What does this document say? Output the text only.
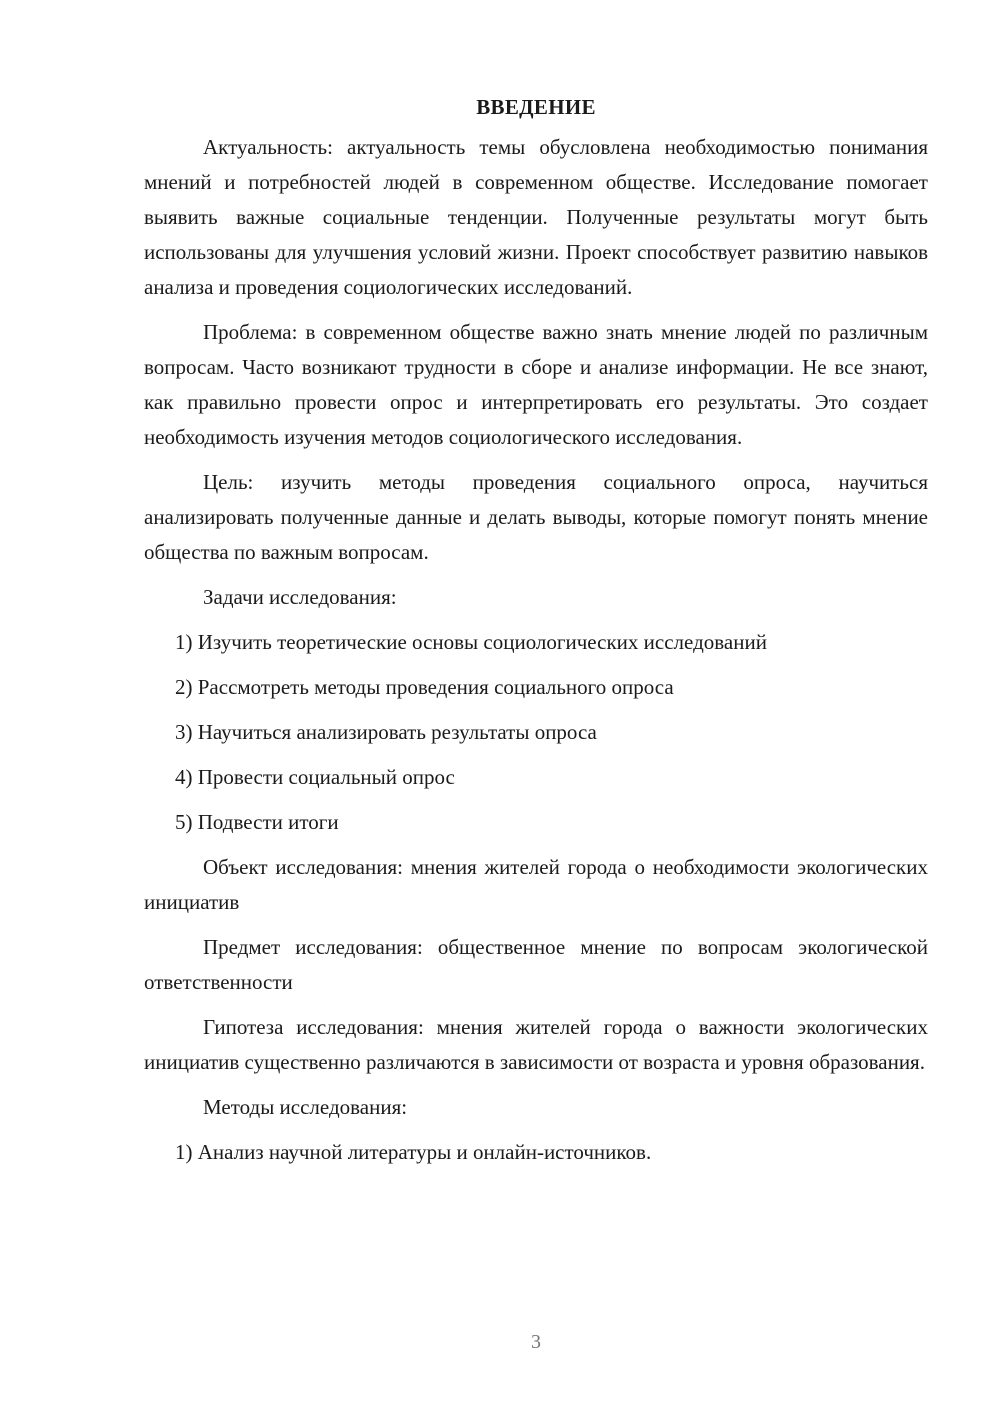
ВВЕДЕНИЕ

Актуальность: актуальность темы обусловлена необходимостью понимания мнений и потребностей людей в современном обществе. Исследование помогает выявить важные социальные тенденции. Полученные результаты могут быть использованы для улучшения условий жизни. Проект способствует развитию навыков анализа и проведения социологических исследований.

Проблема: в современном обществе важно знать мнение людей по различным вопросам. Часто возникают трудности в сборе и анализе информации. Не все знают, как правильно провести опрос и интерпретировать его результаты. Это создает необходимость изучения методов социологического исследования.

Цель: изучить методы проведения социального опроса, научиться анализировать полученные данные и делать выводы, которые помогут понять мнение общества по важным вопросам.

Задачи исследования:

1) Изучить теоретические основы социологических исследований
2) Рассмотреть методы проведения социального опроса
3) Научиться анализировать результаты опроса
4) Провести социальный опрос
5) Подвести итоги

Объект исследования: мнения жителей города о необходимости экологических инициатив

Предмет исследования: общественное мнение по вопросам экологической ответственности

Гипотеза исследования: мнения жителей города о важности экологических инициатив существенно различаются в зависимости от возраста и уровня образования.

Методы исследования:

1) Анализ научной литературы и онлайн-источников.
3
